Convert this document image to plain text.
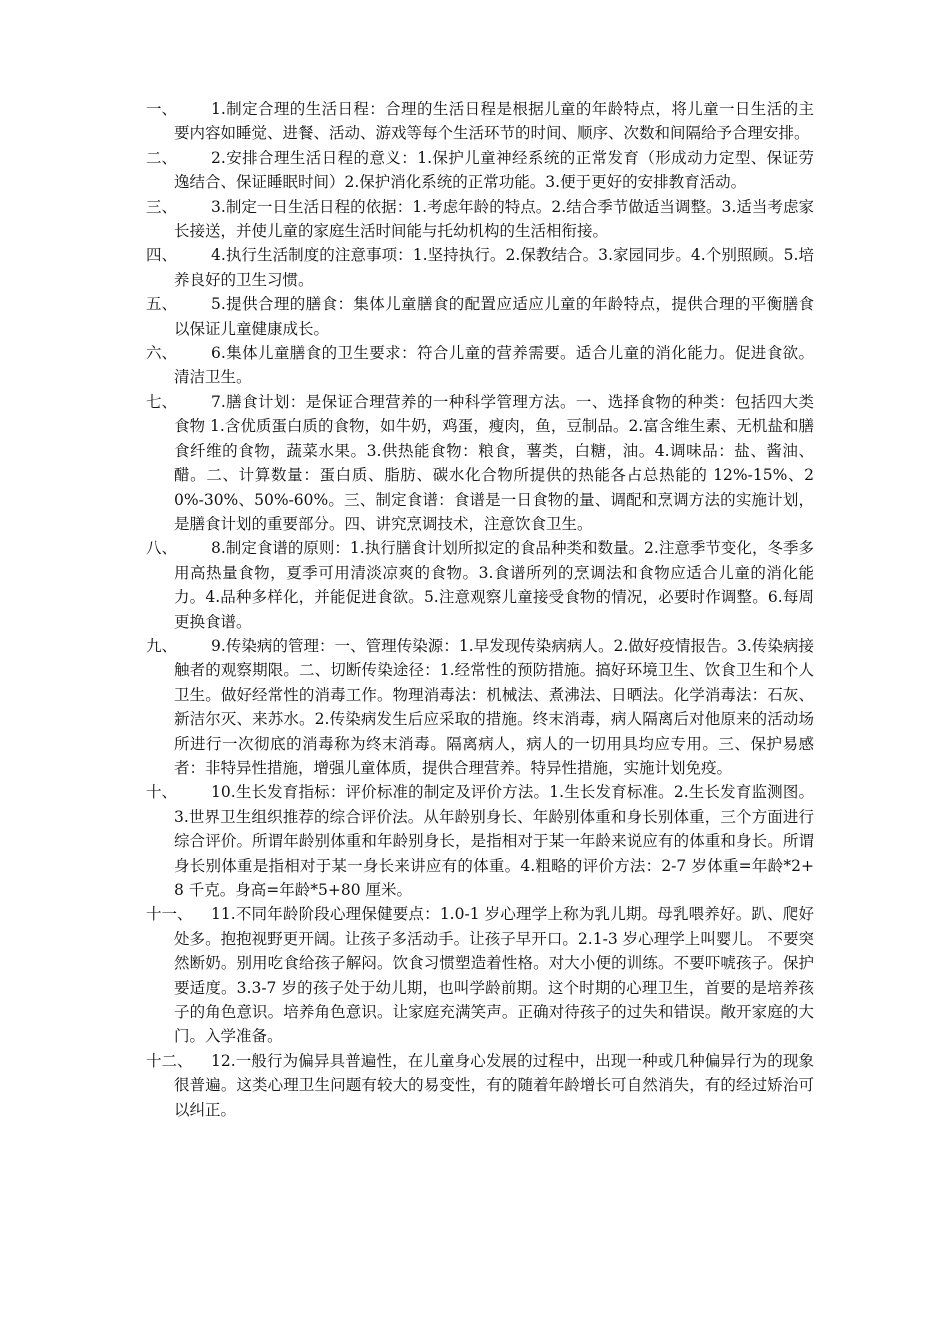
一、 1.制定合理的生活日程：合理的生活日程是根据儿童的年龄特点，将儿童一日生活的主要内容如睡觉、进餐、活动、游戏等每个生活环节的时间、顺序、次数和间隔给予合理安排。

二、 2.安排合理生活日程的意义：1.保护儿童神经系统的正常发育（形成动力定型、保证劳逸结合、保证睡眠时间）2.保护消化系统的正常功能。3.便于更好的安排教育活动。

三、 3.制定一日生活日程的依据：1.考虑年龄的特点。2.结合季节做适当调整。3.适当考虑家长接送，并使儿童的家庭生活时间能与托幼机构的生活相衔接。

四、 4.执行生活制度的注意事项：1.坚持执行。2.保教结合。3.家园同步。4.个别照顾。5.培养良好的卫生习惯。

五、 5.提供合理的膳食：集体儿童膳食的配置应适应儿童的年龄特点，提供合理的平衡膳食以保证儿童健康成长。

六、 6.集体儿童膳食的卫生要求：符合儿童的营养需要。适合儿童的消化能力。促进食欲。清洁卫生。

七、 7.膳食计划：是保证合理营养的一种科学管理方法。一、选择食物的种类：包括四大类食物 1.含优质蛋白质的食物，如牛奶，鸡蛋，瘦肉，鱼，豆制品。2.富含维生素、无机盐和膳食纤维的食物，蔬菜水果。3.供热能食物：粮食，薯类，白糖，油。4.调味品：盐、酱油、醋。二、计算数量：蛋白质、脂肪、碳水化合物所提供的热能各占总热能的 12%-15%、20%-30%、50%-60%。三、制定食谱：食谱是一日食物的量、调配和烹调方法的实施计划，是膳食计划的重要部分。四、讲究烹调技术，注意饮食卫生。

八、 8.制定食谱的原则：1.执行膳食计划所拟定的食品种类和数量。2.注意季节变化，冬季多用高热量食物，夏季可用清淡凉爽的食物。3.食谱所列的烹调法和食物应适合儿童的消化能力。4.品种多样化，并能促进食欲。5.注意观察儿童接受食物的情况，必要时作调整。6.每周更换食谱。

九、 9.传染病的管理：一、管理传染源：1.早发现传染病病人。2.做好疫情报告。3.传染病接触者的观察期限。二、切断传染途径：1.经常性的预防措施。搞好环境卫生、饮食卫生和个人卫生。做好经常性的消毒工作。物理消毒法：机械法、煮沸法、日晒法。化学消毒法：石灰、新洁尔灭、来苏水。2.传染病发生后应采取的措施。终末消毒，病人隔离后对他原来的活动场所进行一次彻底的消毒称为终末消毒。隔离病人，病人的一切用具均应专用。三、保护易感者：非特异性措施，增强儿童体质，提供合理营养。特异性措施，实施计划免疫。

十、 10.生长发育指标：评价标准的制定及评价方法。1.生长发育标准。2.生长发育监测图。3.世界卫生组织推荐的综合评价法。从年龄别身长、年龄别体重和身长别体重，三个方面进行综合评价。所谓年龄别体重和年龄别身长，是指相对于某一年龄来说应有的体重和身长。所谓身长别体重是指相对于某一身长来讲应有的体重。4.粗略的评价方法：2-7 岁体重=年龄*2+8 千克。身高=年龄*5+80 厘米。

十一、 11.不同年龄阶段心理保健要点：1.0-1 岁心理学上称为乳儿期。母乳喂养好。趴、爬好处多。抱抱视野更开阔。让孩子多活动手。让孩子早开口。2.1-3 岁心理学上叫婴儿。 不要突然断奶。别用吃食给孩子解闷。饮食习惯塑造着性格。对大小便的训练。不要吓唬孩子。保护要适度。3.3-7 岁的孩子处于幼儿期，也叫学龄前期。这个时期的心理卫生，首要的是培养孩子的角色意识。培养角色意识。让家庭充满笑声。正确对待孩子的过失和错误。敞开家庭的大门。入学准备。

十二、 12.一般行为偏异具普遍性，在儿童身心发展的过程中，出现一种或几种偏异行为的现象很普遍。这类心理卫生问题有较大的易变性，有的随着年龄增长可自然消失，有的经过矫治可以纠正。
